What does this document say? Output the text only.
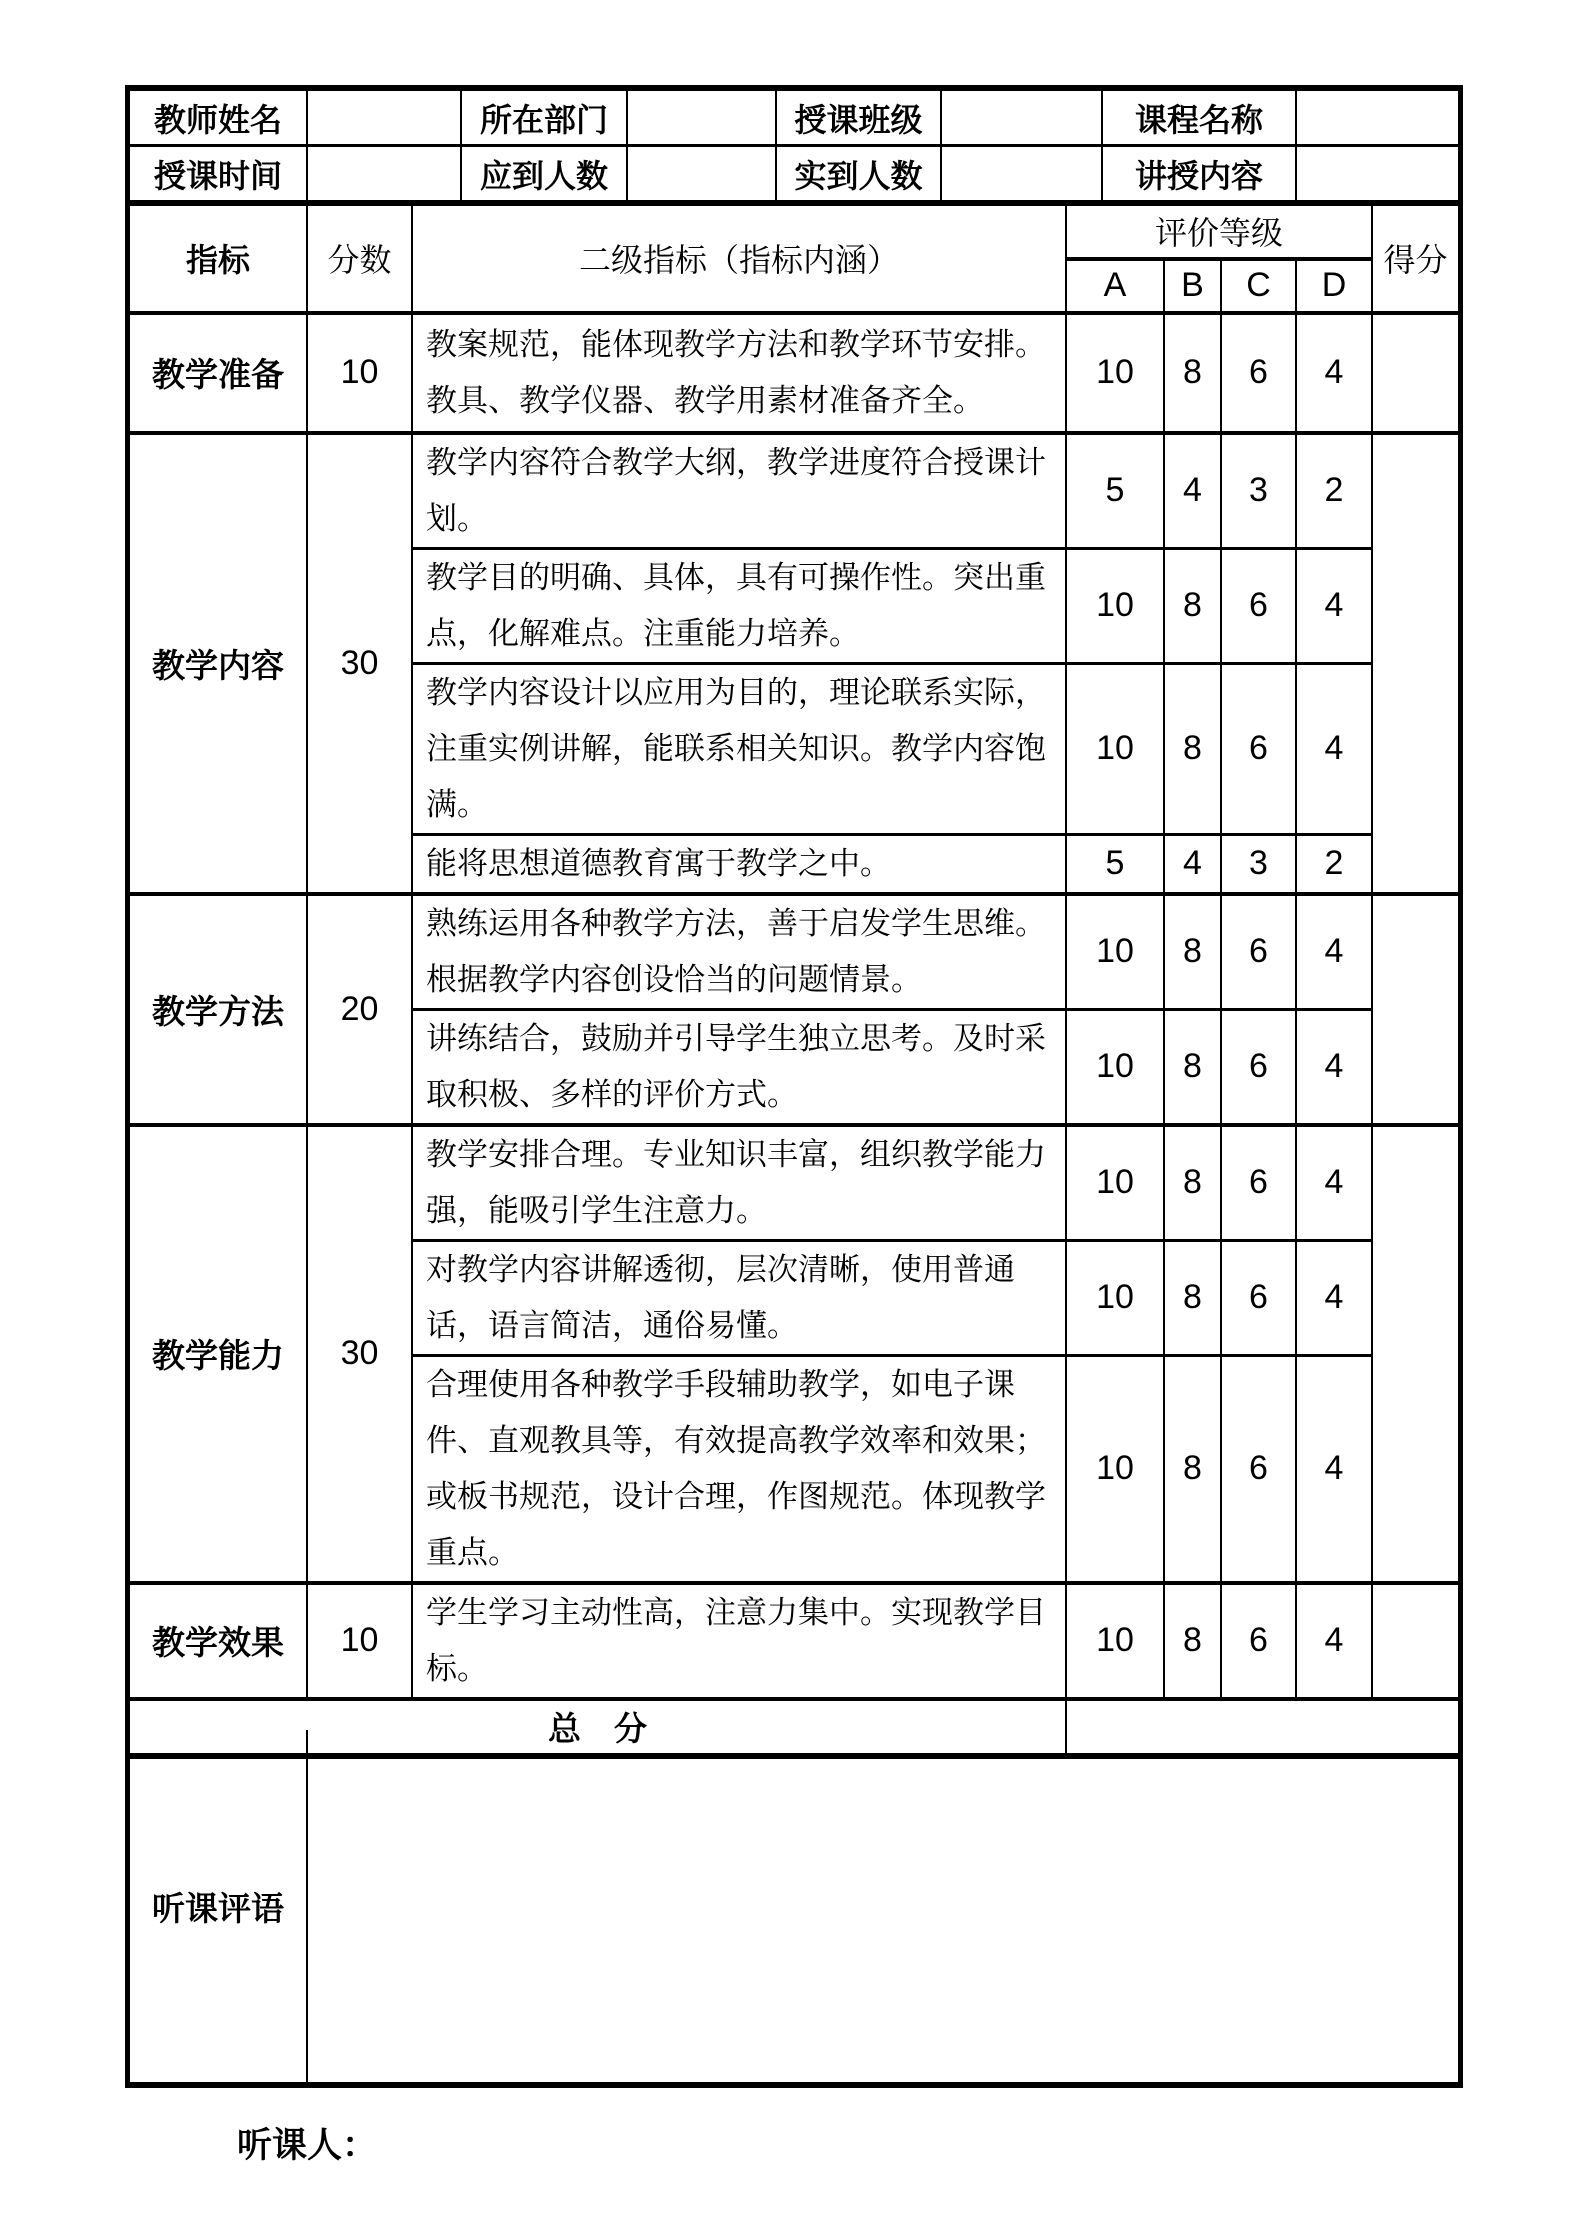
教师姓名		所在部门		授课班级		课程名称	
授课时间		应到人数		实到人数		讲授内容	
指标	分数	二级指标（指标内涵）	评价等级				得分
			A	B	C	D	
教学准备	10	教案规范，能体现教学方法和教学环节安排。教具、教学仪器、教学用素材准备齐全。	10	8	6	4	
教学内容	30	教学内容符合教学大纲，教学进度符合授课计划。	5	4	3	2	
		教学目的明确、具体，具有可操作性。突出重点，化解难点。注重能力培养。	10	8	6	4	
		教学内容设计以应用为目的，理论联系实际，注重实例讲解，能联系相关知识。教学内容饱满。	10	8	6	4	
		能将思想道德教育寓于教学之中。	5	4	3	2	
教学方法	20	熟练运用各种教学方法，善于启发学生思维。根据教学内容创设恰当的问题情景。	10	8	6	4	
		讲练结合，鼓励并引导学生独立思考。及时采取积极、多样的评价方式。	10	8	6	4	
教学能力	30	教学安排合理。专业知识丰富，组织教学能力强，能吸引学生注意力。	10	8	6	4	
		对教学内容讲解透彻，层次清晰，使用普通话，语言简洁，通俗易懂。	10	8	6	4	
		合理使用各种教学手段辅助教学，如电子课件、直观教具等，有效提高教学效率和效果；或板书规范，设计合理，作图规范。体现教学重点。	10	8	6	4	
教学效果	10	学生学习主动性高，注意力集中。实现教学目标。	10	8	6	4	
总　分							
听课评语
听课人：
